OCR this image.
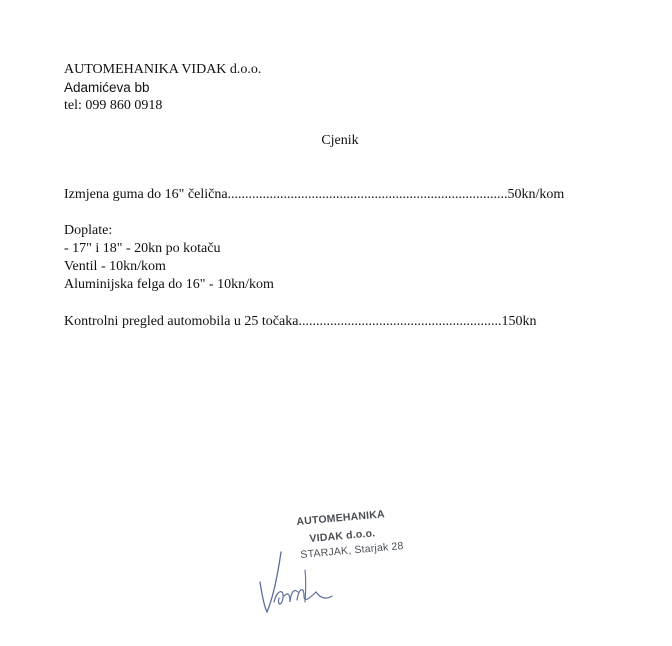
AUTOMEHANIKA VIDAK d.o.o.
Adamićeva bb
tel: 099 860 0918
Cjenik
Izmjena guma do 16" čelična................................................................................50kn/kom
Doplate:
- 17" i 18" - 20kn po kotaču
Ventil - 10kn/kom
Aluminijska felga do 16" - 10kn/kom
Kontrolni pregled automobila u 25 točaka..........................................................150kn
AUTOMEHANIKA
VIDAK d.o.o.
STARJAK, Starjak 28
